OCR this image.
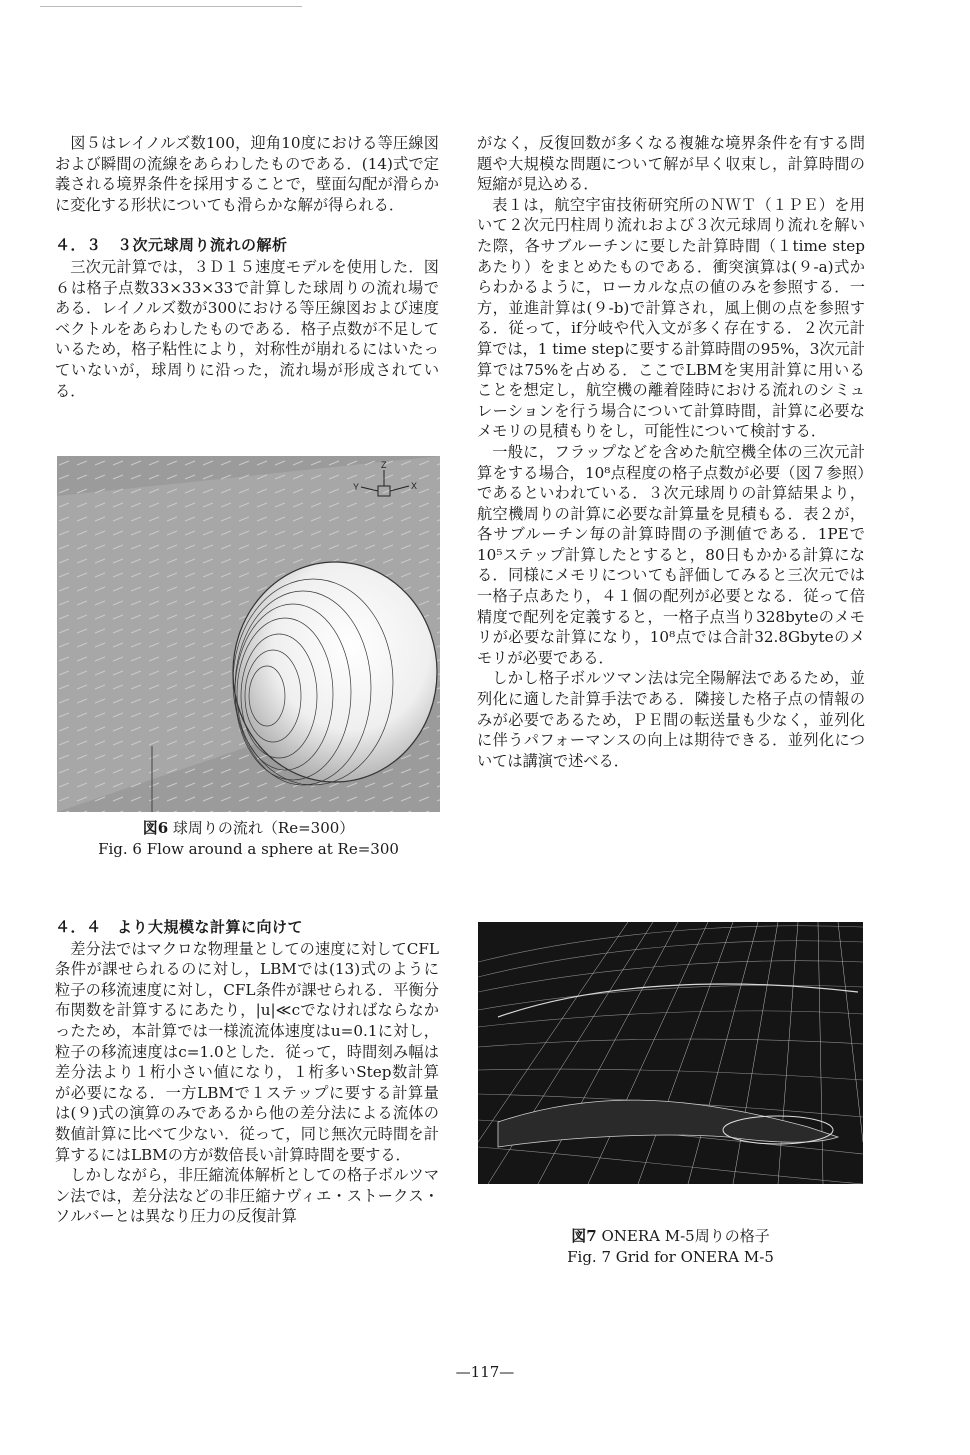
図５はレイノルズ数100，迎角10度における等圧線図および瞬間の流線をあらわしたものである．(14)式で定義される境界条件を採用することで，壁面勾配が滑らかに変化する形状についても滑らかな解が得られる．

４．３　３次元球周り流れの解析

三次元計算では，３Ｄ１５速度モデルを使用した．図６は格子点数33×33×33で計算した球周りの流れ場である．レイノルズ数が300における等圧線図および速度ベクトルをあらわしたものである．格子点数が不足しているため，格子粘性により，対称性が崩れるにはいたっていないが，球周りに沿った，流れ場が形成されている．

Z
Y	X
図6 球周りの流れ（Re=300）
Fig. 6 Flow around a sphere at Re=300

がなく，反復回数が多くなる複雑な境界条件を有する問題や大規模な問題について解が早く収束し，計算時間の短縮が見込める．

表１は，航空宇宙技術研究所のＮＷＴ（１ＰＥ）を用いて２次元円柱周り流れおよび３次元球周り流れを解いた際，各サブルーチンに要した計算時間（１time stepあたり）をまとめたものである．衝突演算は(９-a)式からわかるように，ローカルな点の値のみを参照する．一方，並進計算は(９-b)で計算され，風上側の点を参照する．従って，if分岐や代入文が多く存在する．２次元計算では，1 time stepに要する計算時間の95%，3次元計算では75%を占める．ここでLBMを実用計算に用いることを想定し，航空機の離着陸時における流れのシミュレーションを行う場合について計算時間，計算に必要なメモリの見積もりをし，可能性について検討する．

一般に，フラップなどを含めた航空機全体の三次元計算をする場合，10⁸点程度の格子点数が必要（図７参照）であるといわれている．３次元球周りの計算結果より，航空機周りの計算に必要な計算量を見積もる．表２が，各サブルーチン毎の計算時間の予測値である．1PEで10⁵ステップ計算したとすると，80日もかかる計算になる．同様にメモリについても評価してみると三次元では一格子点あたり，４１個の配列が必要となる．従って倍精度で配列を定義すると，一格子点当り328byteのメモリが必要な計算になり，10⁸点では合計32.8Gbyteのメモリが必要である．

しかし格子ボルツマン法は完全陽解法であるため，並列化に適した計算手法である．隣接した格子点の情報のみが必要であるため，ＰＥ間の転送量も少なく，並列化に伴うパフォーマンスの向上は期待できる．並列化については講演で述べる．

４．４　より大規模な計算に向けて

差分法ではマクロな物理量としての速度に対してCFL条件が課せられるのに対し，LBMでは(13)式のように粒子の移流速度に対し，CFL条件が課せられる．平衡分布関数を計算するにあたり，|u|≪cでなければならなかったため，本計算では一様流流体速度はu=0.1に対し，粒子の移流速度はc=1.0とした．従って，時間刻み幅は差分法より１桁小さい値になり，１桁多いStep数計算が必要になる．一方LBMで１ステップに要する計算量は(９)式の演算のみであるから他の差分法による流体の数値計算に比べて少ない．従って，同じ無次元時間を計算するにはLBMの方が数倍長い計算時間を要する．

しかしながら，非圧縮流体解析としての格子ボルツマン法では，差分法などの非圧縮ナヴィエ・ストークス・ソルバーとは異なり圧力の反復計算

図7 ONERA M-5周りの格子
Fig. 7 Grid for ONERA M-5
—117—
